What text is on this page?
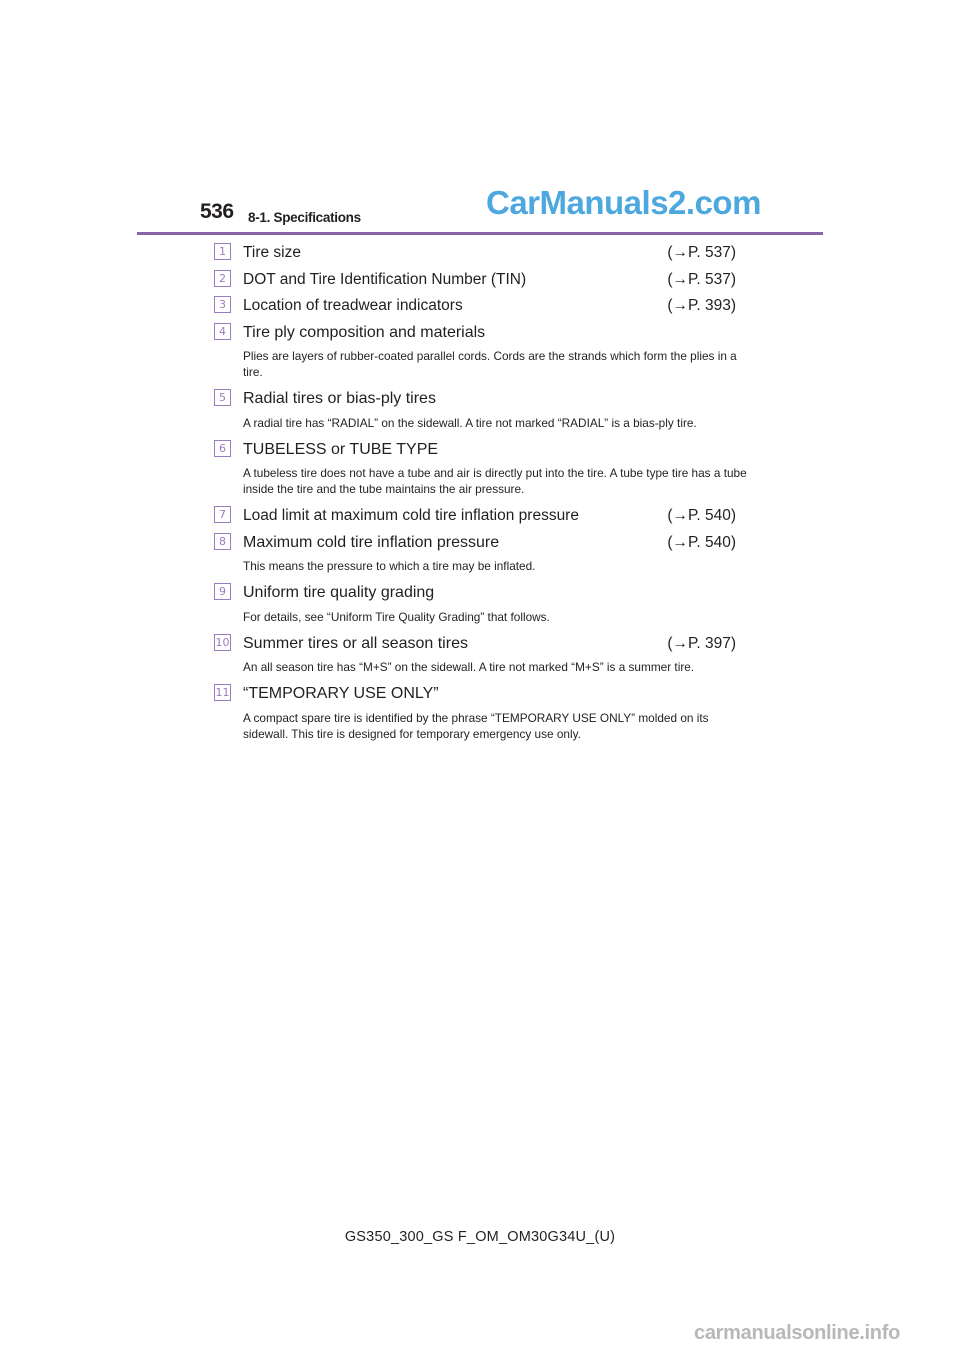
536 8-1. Specifications	CarManuals2.com
1	Tire size	(→P. 537)
2	DOT and Tire Identification Number (TIN)	(→P. 537)
3	Location of treadwear indicators	(→P. 393)
4	Tire ply composition and materials
Plies are layers of rubber-coated parallel cords. Cords are the strands which form the plies in a tire.
5	Radial tires or bias-ply tires
A radial tire has “RADIAL” on the sidewall. A tire not marked “RADIAL” is a bias-ply tire.
6	TUBELESS or TUBE TYPE
A tubeless tire does not have a tube and air is directly put into the tire. A tube type tire has a tube inside the tire and the tube maintains the air pressure.
7	Load limit at maximum cold tire inflation pressure	(→P. 540)
8	Maximum cold tire inflation pressure	(→P. 540)
This means the pressure to which a tire may be inflated.
9	Uniform tire quality grading
For details, see “Uniform Tire Quality Grading” that follows.
10 Summer tires or all season tires	(→P. 397)
An all season tire has “M+S” on the sidewall. A tire not marked “M+S” is a summer tire.
11 “TEMPORARY USE ONLY”
A compact spare tire is identified by the phrase “TEMPORARY USE ONLY” molded on its sidewall. This tire is designed for temporary emergency use only.
GS350_300_GS F_OM_OM30G34U_(U)
carmanualsonline.info
